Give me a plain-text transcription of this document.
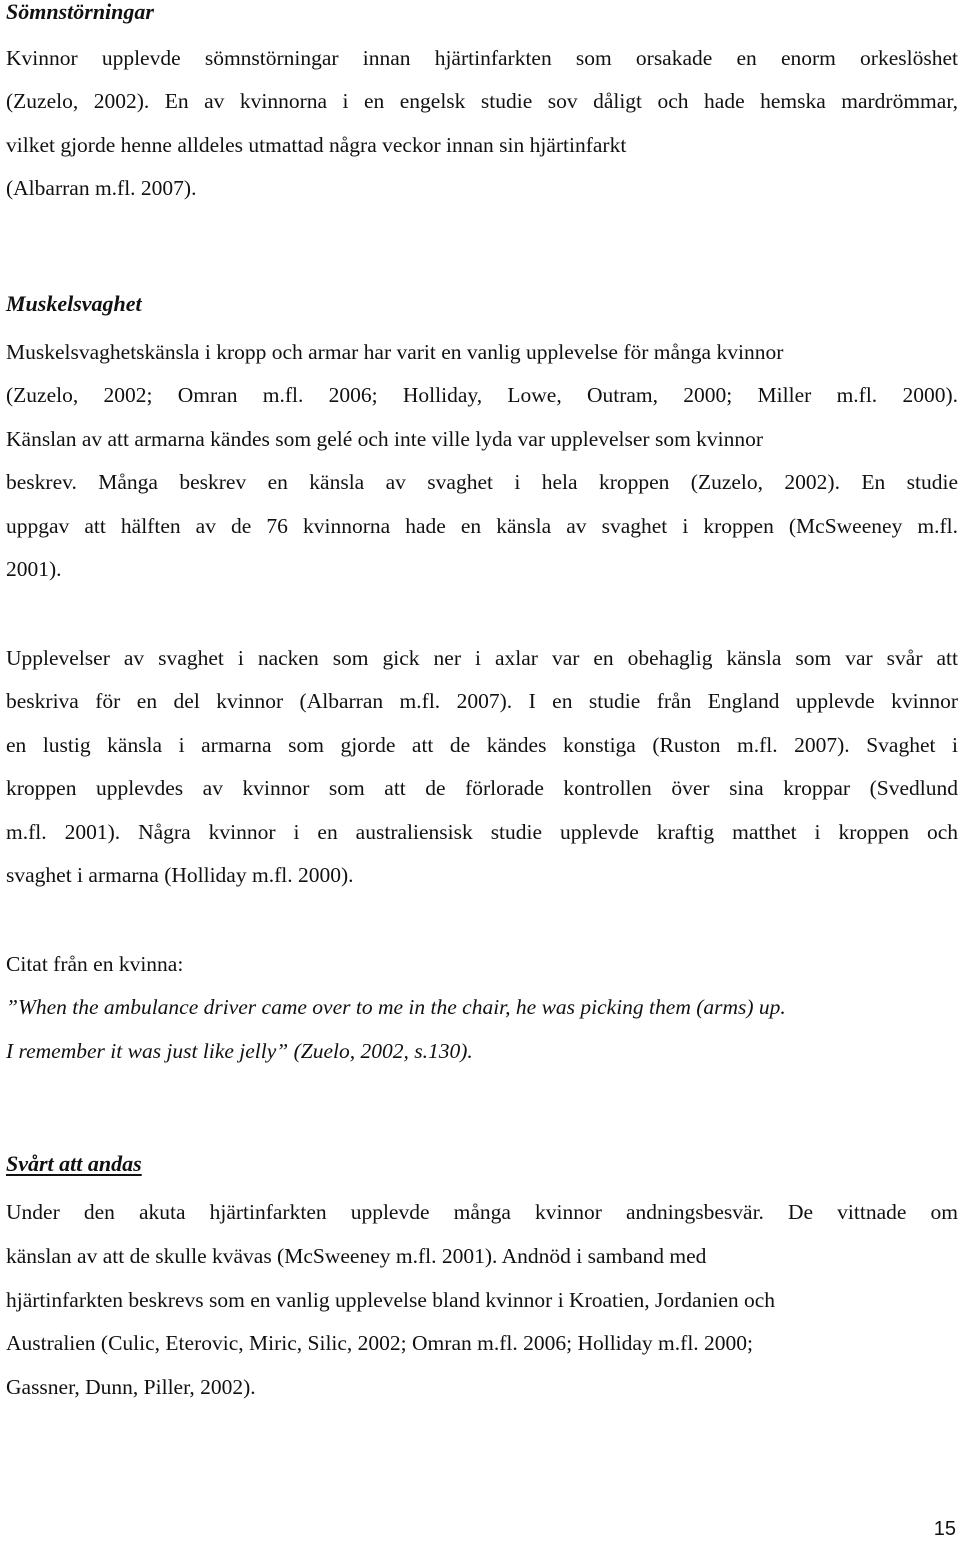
Sömnstörningar
Kvinnor upplevde sömnstörningar innan hjärtinfarkten som orsakade en enorm orkeslöshet
(Zuzelo, 2002). En av kvinnorna i en engelsk studie sov dåligt och hade hemska mardrömmar,
vilket gjorde henne alldeles utmattad några veckor innan sin hjärtinfarkt
(Albarran m.fl. 2007).
Muskelsvaghet
Muskelsvaghetskänsla i kropp och armar har varit en vanlig upplevelse för många kvinnor
(Zuzelo, 2002; Omran m.fl. 2006; Holliday, Lowe, Outram, 2000; Miller m.fl. 2000).
Känslan av att armarna kändes som gelé och inte ville lyda var upplevelser som kvinnor
beskrev. Många beskrev en känsla av svaghet i hela kroppen (Zuzelo, 2002). En studie
uppgav att hälften av de 76 kvinnorna hade en känsla av svaghet i kroppen (McSweeney m.fl.
2001).
Upplevelser av svaghet i nacken som gick ner i axlar var en obehaglig känsla som var svår att
beskriva för en del kvinnor (Albarran m.fl. 2007). I en studie från England upplevde kvinnor
en lustig känsla i armarna som gjorde att de kändes konstiga (Ruston m.fl. 2007). Svaghet i
kroppen upplevdes av kvinnor som att de förlorade kontrollen över sina kroppar (Svedlund
m.fl. 2001). Några kvinnor i en australiensisk studie upplevde kraftig matthet i kroppen och
svaghet i armarna (Holliday m.fl. 2000).
Citat från en kvinna:
”When the ambulance driver came over to me in the chair, he was picking them (arms) up.
I remember it was just like jelly” (Zuelo, 2002, s.130).
Svårt att andas
Under den akuta hjärtinfarkten upplevde många kvinnor andningsbesvär. De vittnade om
känslan av att de skulle kvävas (McSweeney m.fl. 2001). Andnöd i samband med
hjärtinfarkten beskrevs som en vanlig upplevelse bland kvinnor i Kroatien, Jordanien och
Australien (Culic, Eterovic, Miric, Silic, 2002; Omran m.fl. 2006; Holliday m.fl. 2000;
Gassner, Dunn, Piller, 2002).
15
